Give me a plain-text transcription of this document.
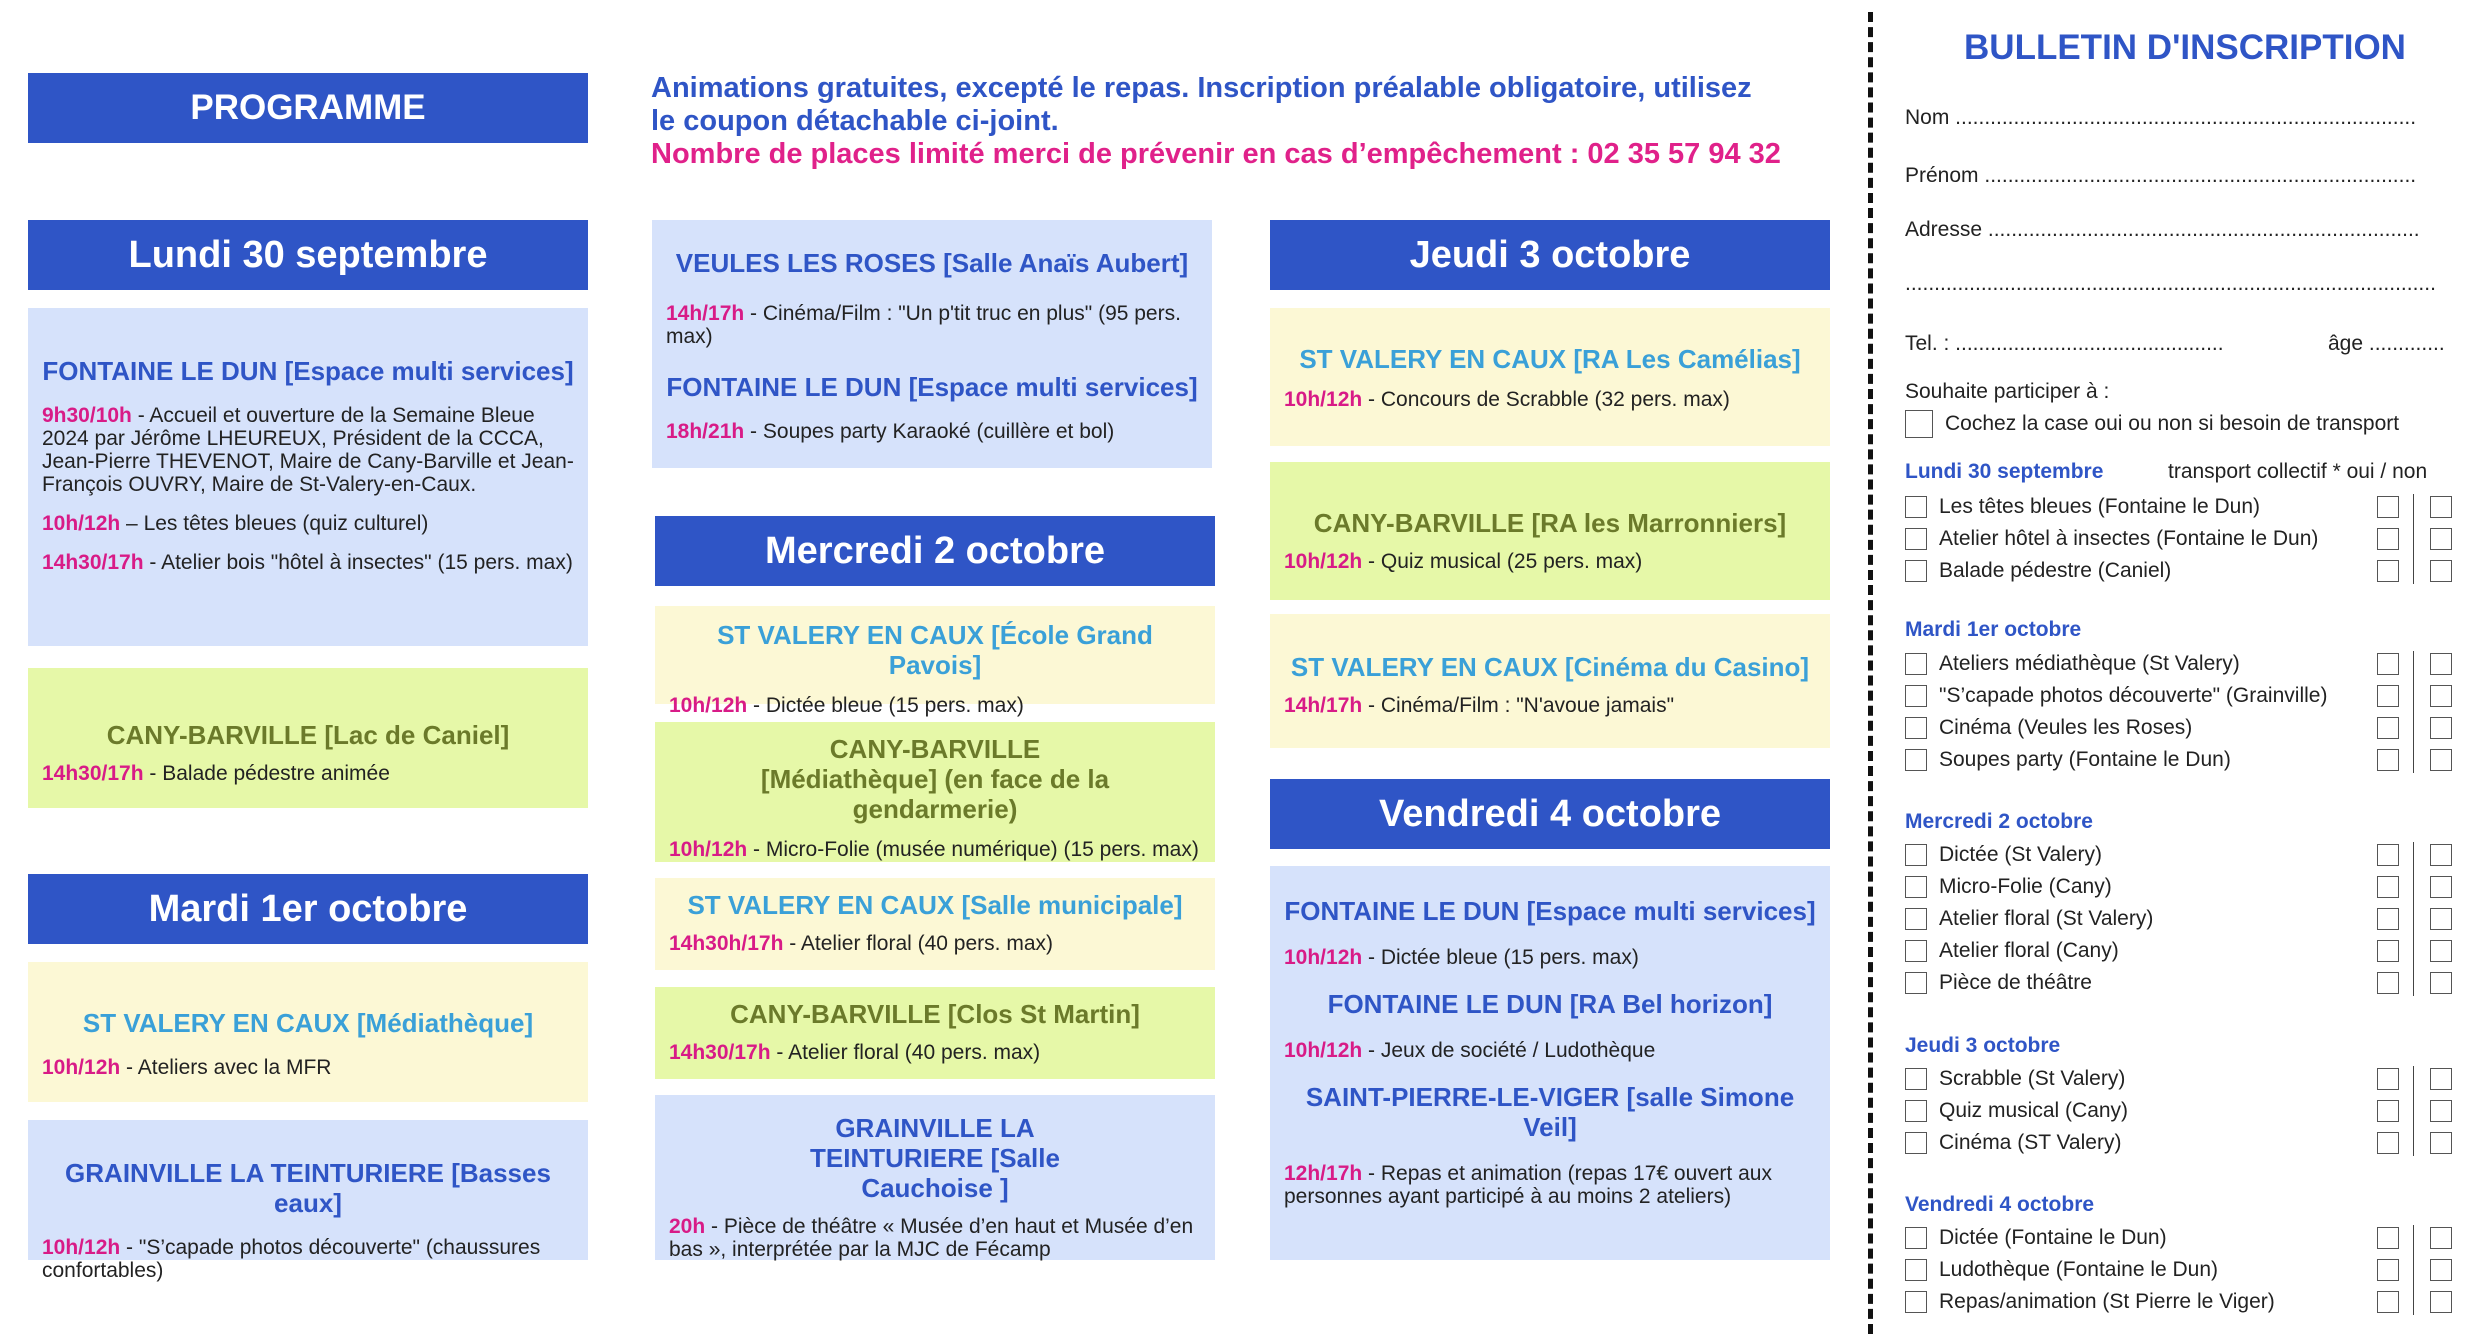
PROGRAMME	Animations gratuites, excepté le repas. Inscription préalable obligatoire, utilisez
le coupon détachable ci-joint.
Nombre de places limité merci de prévenir en cas d’empêchement : 02 35 57 94 32
Lundi 30 septembre
FONTAINE LE DUN [Espace multi services]
9h30/10h - Accueil et ouverture de la Semaine Bleue 2024 par Jérôme LHEUREUX, Président de la CCCA, Jean-Pierre THEVENOT, Maire de Cany-Barville et Jean-François OUVRY, Maire de St-Valery-en-Caux.
10h/12h – Les têtes bleues (quiz culturel)
14h30/17h - Atelier bois "hôtel à insectes" (15 pers. max)
CANY-BARVILLE [Lac de Caniel]
14h30/17h - Balade pédestre animée
Mardi 1er octobre
ST VALERY EN CAUX [Médiathèque]
10h/12h - Ateliers avec la MFR
GRAINVILLE LA TEINTURIERE [Basses eaux]
10h/12h - "S’capade photos découverte" (chaussures confortables)
VEULES LES ROSES [Salle Anaïs Aubert]
14h/17h - Cinéma/Film : "Un p'tit truc en plus" (95 pers. max)
FONTAINE LE DUN [Espace multi services]
18h/21h - Soupes party Karaoké (cuillère et bol)
Mercredi 2 octobre
ST VALERY EN CAUX [École Grand Pavois]
10h/12h - Dictée bleue (15 pers. max)
CANY-BARVILLE [Médiathèque] (en face de la gendarmerie)
10h/12h - Micro-Folie (musée numérique) (15 pers. max)
ST VALERY EN CAUX [Salle municipale]
14h30h/17h - Atelier floral (40 pers. max)
CANY-BARVILLE [Clos St Martin]
14h30/17h - Atelier floral (40 pers. max)
GRAINVILLE LA TEINTURIERE [Salle Cauchoise ]
20h - Pièce de théâtre « Musée d’en haut et Musée d’en bas », interprétée par la MJC de Fécamp
Jeudi 3 octobre
ST VALERY EN CAUX [RA Les Camélias]
10h/12h - Concours de Scrabble (32 pers. max)
CANY-BARVILLE [RA les Marronniers]
10h/12h - Quiz musical (25 pers. max)
ST VALERY EN CAUX [Cinéma du Casino]
14h/17h - Cinéma/Film : "N'avoue jamais"
Vendredi 4 octobre
FONTAINE LE DUN [Espace multi services]
10h/12h - Dictée bleue (15 pers. max)
FONTAINE LE DUN [RA Bel horizon]
10h/12h - Jeux de société / Ludothèque
SAINT-PIERRE-LE-VIGER [salle Simone Veil]
12h/17h - Repas et animation (repas 17€ ouvert aux personnes ayant participé à au moins 2 ateliers)
BULLETIN D'INSCRIPTION
Nom ...............................................................................
Prénom ..........................................................................
Adresse ..........................................................................
...........................................................................................
Tel. : ..............................................	âge .............
Souhaite participer à :
Cochez la case oui ou non si besoin de transport
Lundi 30 septembre	transport collectif * oui / non
Les têtes bleues (Fontaine le Dun)
Atelier hôtel à insectes (Fontaine le Dun)
Balade pédestre (Caniel)
Mardi 1er octobre
Ateliers médiathèque (St Valery)
"S’capade photos découverte" (Grainville)
Cinéma (Veules les Roses)
Soupes party (Fontaine le Dun)
Mercredi 2 octobre
Dictée (St Valery)
Micro-Folie (Cany)
Atelier floral (St Valery)
Atelier floral (Cany)
Pièce de théâtre
Jeudi 3 octobre
Scrabble (St Valery)
Quiz musical (Cany)
Cinéma (ST Valery)
Vendredi 4 octobre
Dictée (Fontaine le Dun)
Ludothèque (Fontaine le Dun)
Repas/animation (St Pierre le Viger)
